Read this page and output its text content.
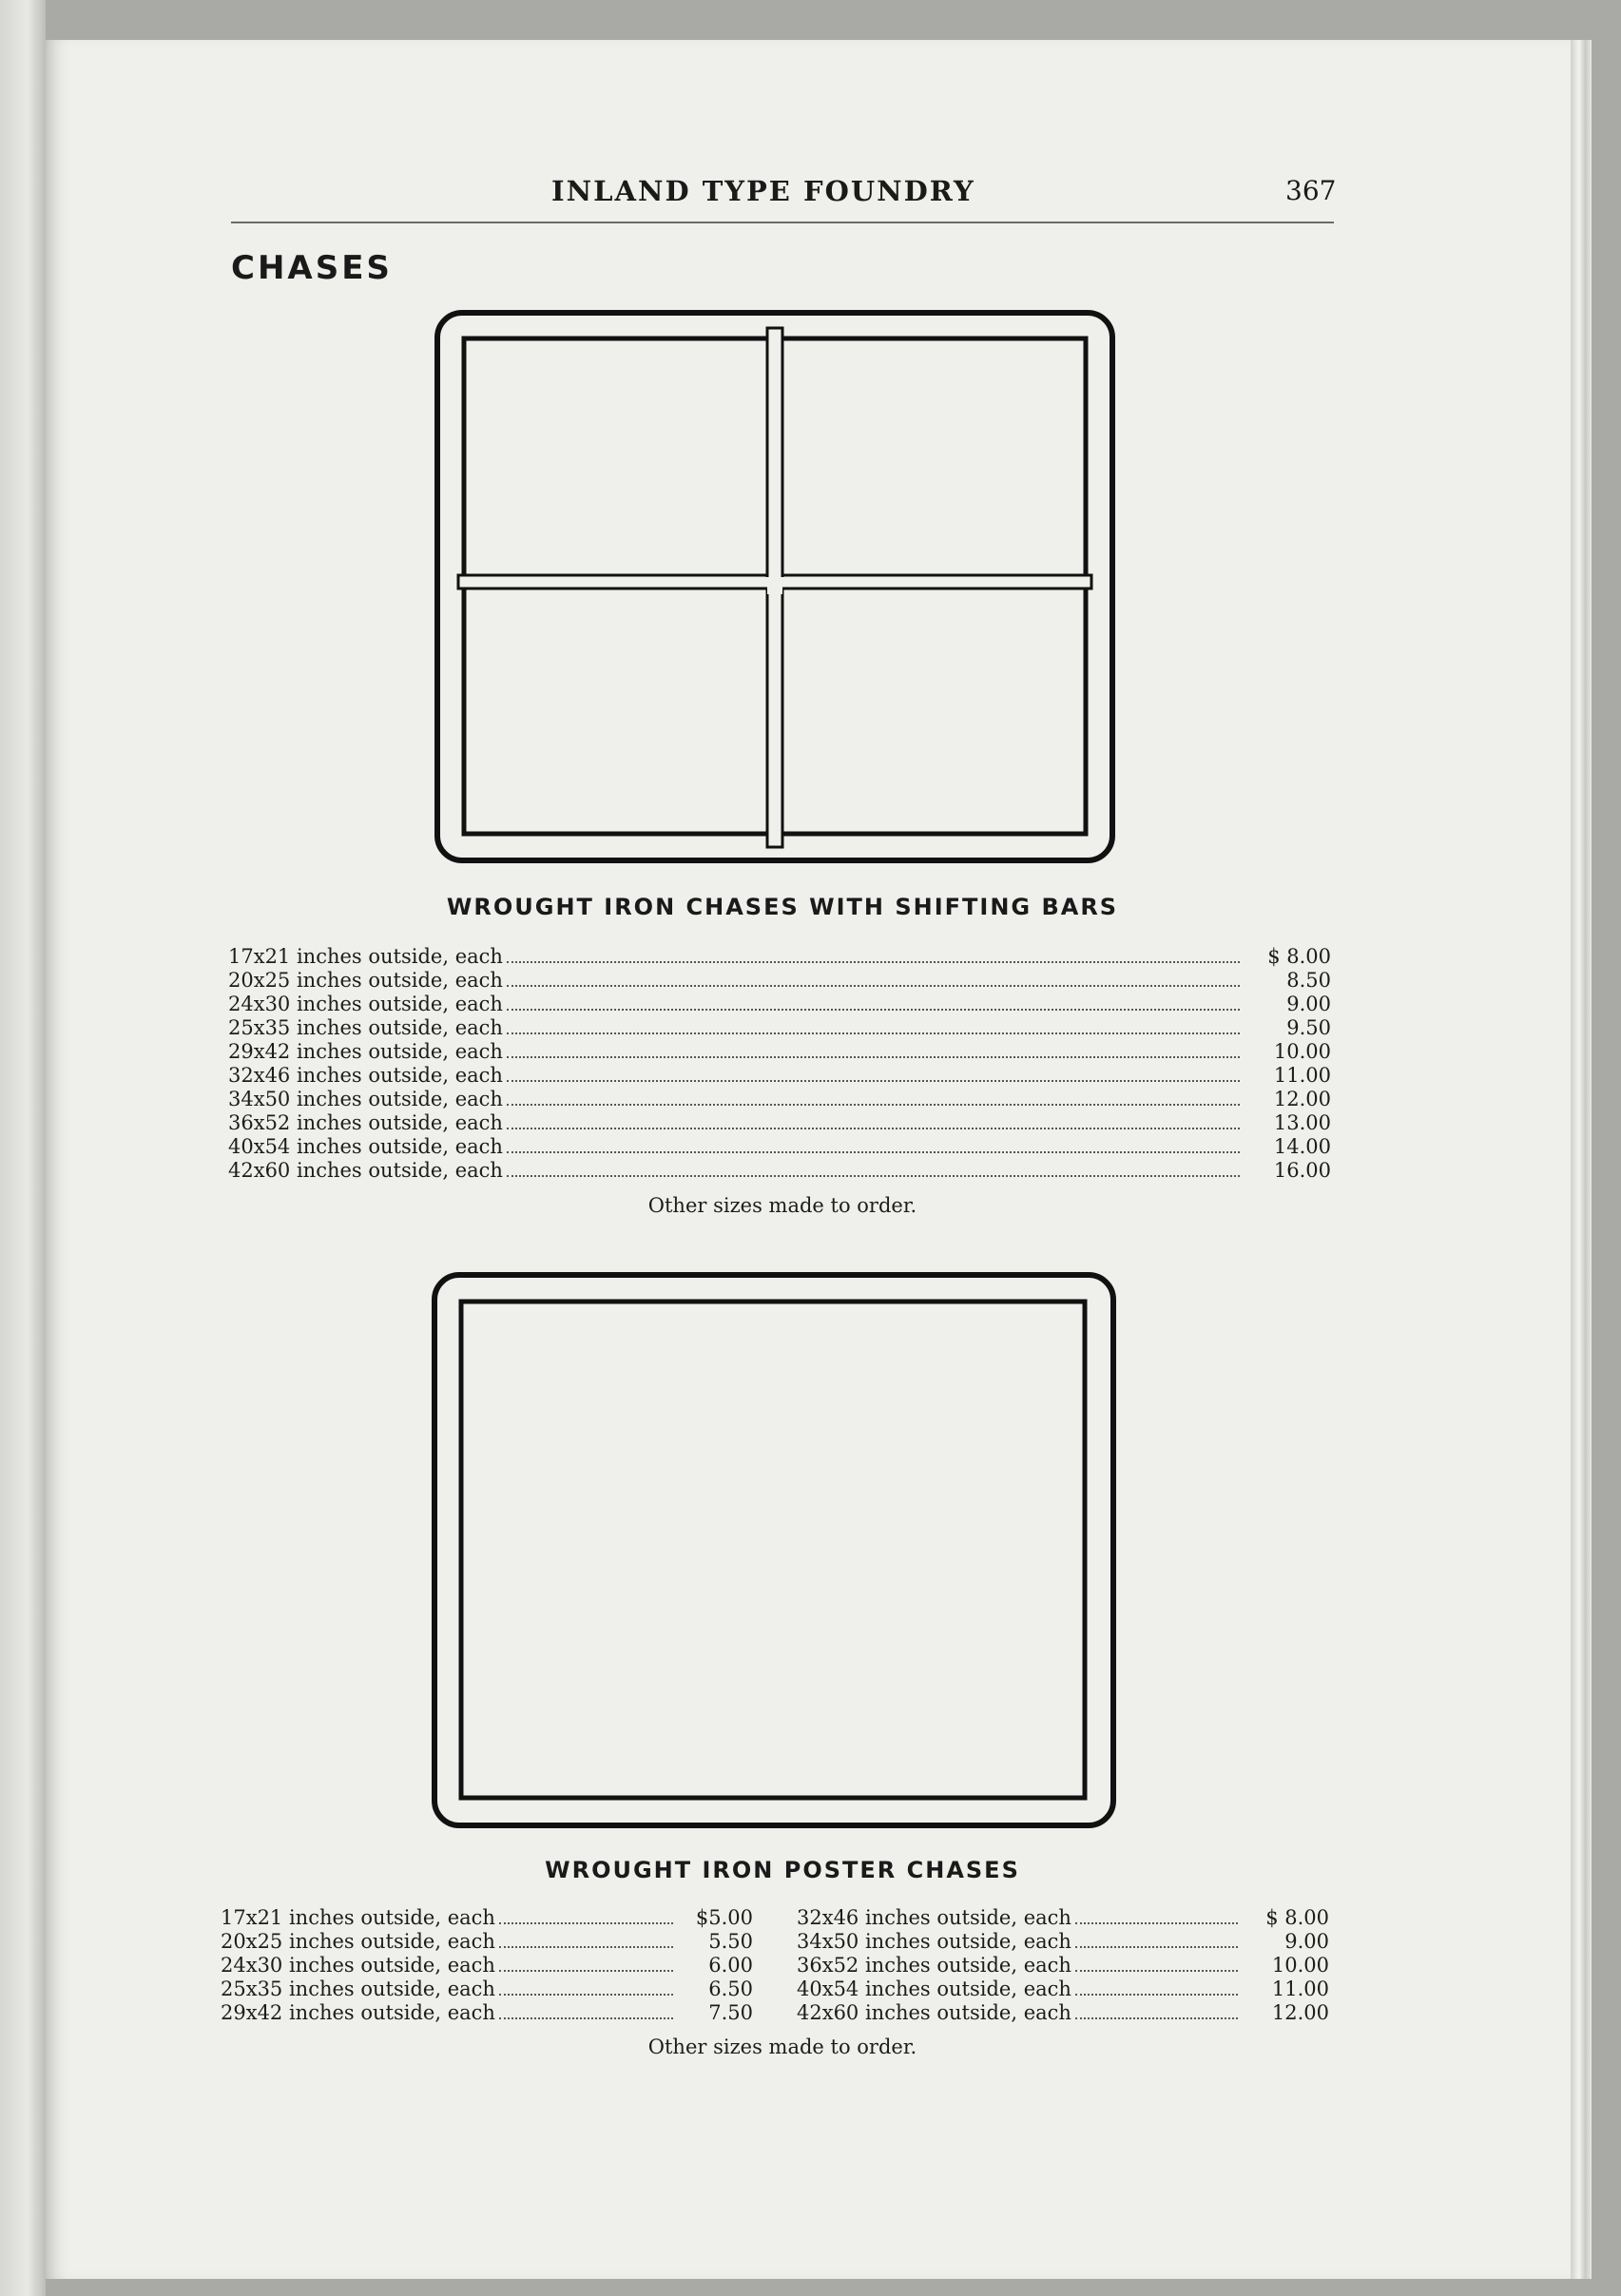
INLAND TYPE FOUNDRY	367
CHASES
WROUGHT IRON CHASES WITH SHIFTING BARS
17x21 inches outside, each	$ 8.00
20x25 inches outside, each	8.50
24x30 inches outside, each	9.00
25x35 inches outside, each	9.50
29x42 inches outside, each	10.00
32x46 inches outside, each	11.00
34x50 inches outside, each	12.00
36x52 inches outside, each	13.00
40x54 inches outside, each	14.00
42x60 inches outside, each	16.00
Other sizes made to order.
WROUGHT IRON POSTER CHASES
17x21 inches outside, each	$5.00
20x25 inches outside, each	5.50
24x30 inches outside, each	6.00
25x35 inches outside, each	6.50
29x42 inches outside, each	7.50
32x46 inches outside, each	$ 8.00
34x50 inches outside, each	9.00
36x52 inches outside, each	10.00
40x54 inches outside, each	11.00
42x60 inches outside, each	12.00
Other sizes made to order.
